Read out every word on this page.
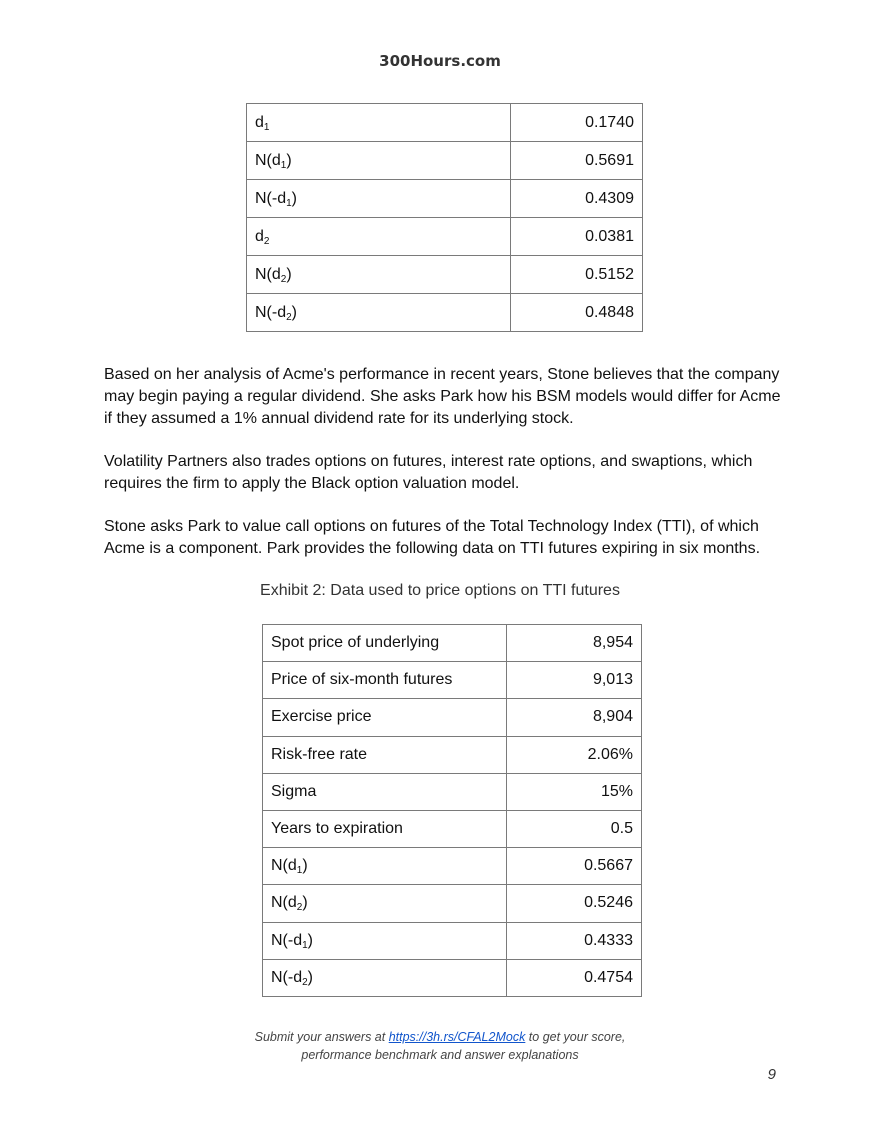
300Hours.com
$d_1$	0.1740
$N(d_1)$	0.5691
$N(-d_1)$	0.4309
$d_2$	0.0381
$N(d_2)$	0.5152
$N(-d_2)$	0.4848

Based on her analysis of Acme's performance in recent years, Stone believes that the company may begin paying a regular dividend. She asks Park how his BSM models would differ for Acme if they assumed a 1% annual dividend rate for its underlying stock.

Volatility Partners also trades options on futures, interest rate options, and swaptions, which requires the firm to apply the Black option valuation model.

Stone asks Park to value call options on futures of the Total Technology Index (TTI), of which Acme is a component. Park provides the following data on TTI futures expiring in six months.

Exhibit 2: Data used to price options on TTI futures
Spot price of underlying	8,954
Price of six-month futures	9,013
Exercise price	8,904
Risk-free rate	2.06%
Sigma	15%
Years to expiration	0.5
$N(d_1)$	0.5667
$N(d_2)$	0.5246
$N(-d_1)$	0.4333
$N(-d_2)$	0.4754
Submit your answers at https://3h.rs/CFAL2Mock to get your score,
performance benchmark and answer explanations
9
